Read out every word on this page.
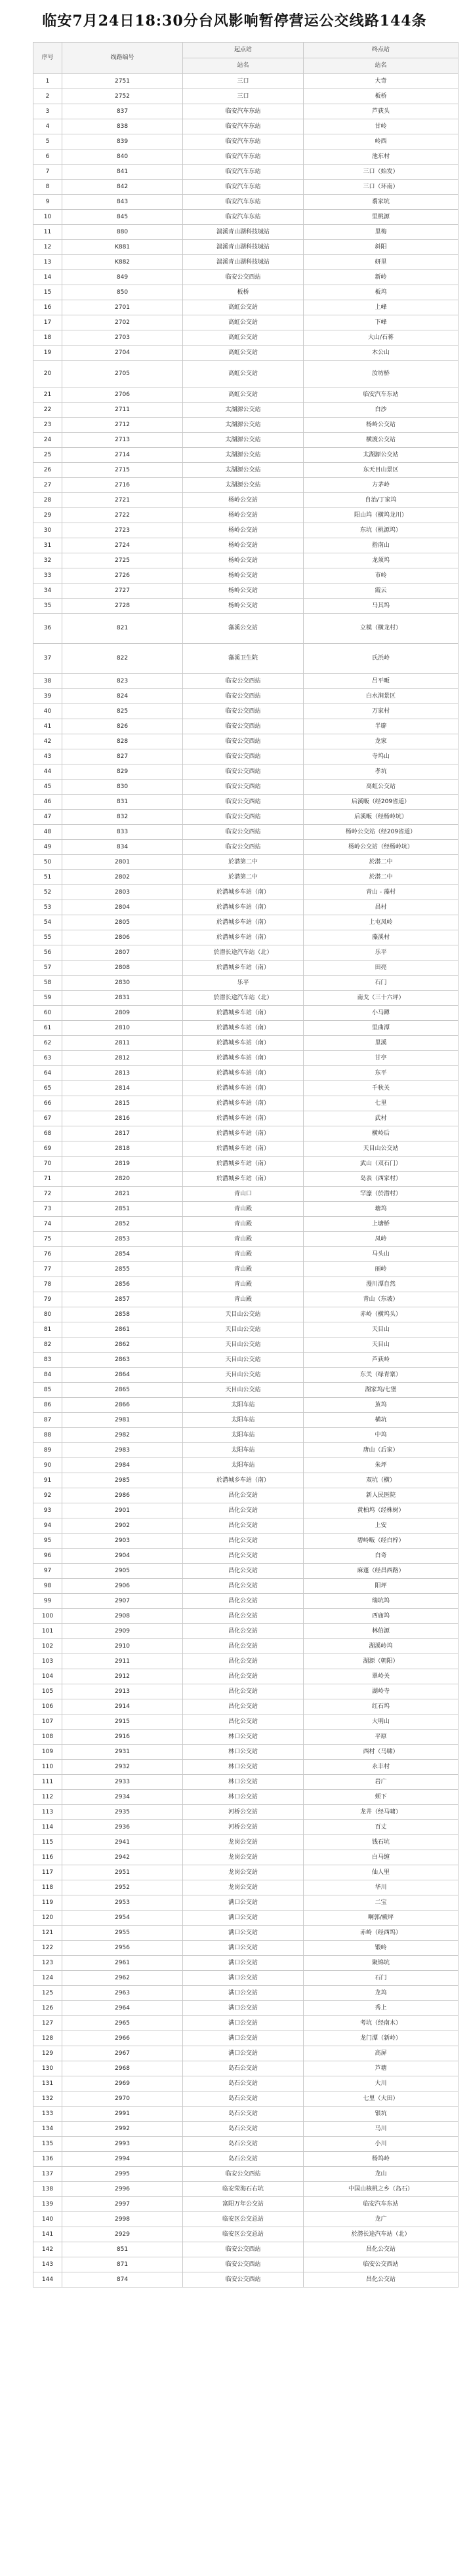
临安7月24日18:30分台风影响暂停营运公交线路144条
序号	线路编号	起点站	终点站
		站名	站名
1	2751	三口	大奇
2	2752	三口	板桥
3	837	临安汽车东站	芦荻头
4	838	临安汽车东站	甘岭
5	839	临安汽车东站	岭西
6	840	临安汽车东站	池东村
7	841	临安汽车东站	三口（始发）
8	842	临安汽车东站	三口（环南）
9	843	临安汽车东站	翥家坑
10	845	临安汽车东站	里桃源
11	880	湍溪青山湖科技城站	里梅
12	K881	湍溪青山湖科技城站	斜阳
13	K882	湍溪青山湖科技城站	研里
14	849	临安公交西站	新岭
15	850	板桥	板坞
16	2701	高虹公交站	上峰
17	2702	高虹公交站	下峰
18	2703	高虹公交站	大山/石蒋
19	2704	高虹公交站	木公山
20	2705	高虹公交站	汝坊桥
21	2706	高虹公交站	临安汽车东站
22	2711	太湖源公交站	白沙
23	2712	太湖源公交站	杨岭公交站
24	2713	太湖源公交站	横渡公交站
25	2714	太湖源公交站	太湖源公交站
26	2715	太湖源公交站	东天目山景区
27	2716	太湖源公交站	方茅岭
28	2721	杨岭公交站	自治/丁家坞
29	2722	杨岭公交站	阳山坞（横坞龙川）
30	2723	杨岭公交站	东坑（桃源坞）
31	2724	杨岭公交站	指南山
32	2725	杨岭公交站	龙须坞
33	2726	杨岭公交站	市岭
34	2727	杨岭公交站	霞云
35	2728	杨岭公交站	马其坞
36	821	藻溪公交站	立模（横龙村）
37	822	藻溪卫生院	氏浜岭
38	823	临安公交西站	吕平畈
39	824	临安公交西站	白水涧景区
40	825	临安公交西站	万家村
41	826	临安公交西站	半辟
42	828	临安公交西站	龙家
43	827	临安公交西站	寺坞山
44	829	临安公交西站	孝坑
45	830	临安公交西站	高虹公交站
46	831	临安公交西站	后溪畈（经209省道）
47	832	临安公交西站	后溪畈（经杨岭坑）
48	833	临安公交西站	杨岭公交站（经209省道）
49	834	临安公交西站	杨岭公交站（经杨岭坑）
50	2801	於潜第二中	於潜二中
51	2802	於潜第二中	於潜二中
52	2803	於潜城乡车站（南）	青山 - 藻村
53	2804	於潜城乡车站（南）	昌村
54	2805	於潜城乡车站（南）	上屯凤岭
55	2806	於潜城乡车站（南）	藻溪村
56	2807	於潜长途汽车站（北）	乐平
57	2808	於潜城乡车站（南）	田亮
58	2830	乐平	石门
59	2831	於潜长途汽车站（北）	南戈（三十六坪）
60	2809	於潜城乡车站（南）	小马蹲
61	2810	於潜城乡车站（南）	里曲潭
62	2811	於潜城乡车站（南）	里溪
63	2812	於潜城乡车站（南）	甘亭
64	2813	於潜城乡车站（南）	东平
65	2814	於潜城乡车站（南）	千秋关
66	2815	於潜城乡车站（南）	七里
67	2816	於潜城乡车站（南）	武村
68	2817	於潜城乡车站（南）	横岭后
69	2818	於潜城乡车站（南）	天目山公交站
70	2819	於潜城乡车站（南）	武山（双石门）
71	2820	於潜城乡车站（南）	岛表（西家村）
72	2821	青山口	罕濠（於潜村）
73	2851	青山殿	塘坞
74	2852	青山殿	上塘桥
75	2853	青山殿	凤岭
76	2854	青山殿	马头山
77	2855	青山殿	丽岭
78	2856	青山殿	漫川潭自然
79	2857	青山殿	青山（东坡）
80	2858	天目山公交站	赤岭（横坞头）
81	2861	天目山公交站	天目山
82	2862	天目山公交站	天目山
83	2863	天目山公交站	芦荻岭
84	2864	天目山公交站	东关（绿青寨）
85	2865	天目山公交站	湖家坞/七堡
86	2866	太阳车站	茧坞
87	2981	太阳车站	横坑
88	2982	太阳车站	中坞
89	2983	太阳车站	唐山（后家）
90	2984	太阳车站	朱坪
91	2985	於潜城乡车站（南）	双坑（横）
92	2986	昌化公交站	新人民医院
93	2901	昌化公交站	黄柏坞（经株树）
94	2902	昌化公交站	上安
95	2903	昌化公交站	碧岭畈（经白梓）
96	2904	昌化公交站	白奇
97	2905	昌化公交站	麻蓬（经昌西路）
98	2906	昌化公交站	阳坪
99	2907	昌化公交站	瑞坑坞
100	2908	昌化公交站	西庙坞
101	2909	昌化公交站	林伯源
102	2910	昌化公交站	湖溪岭坞
103	2911	昌化公交站	湖源（朝阳）
104	2912	昌化公交站	翠岭关
105	2913	昌化公交站	湖岭寺
106	2914	昌化公交站	红石坞
107	2915	昌化公交站	大明山
108	2916	林口公交站	平原
109	2931	林口公交站	西村（马啸）
110	2932	林口公交站	永丰村
111	2933	林口公交站	岩广
112	2934	林口公交站	颊下
113	2935	河桥公交站	龙井（经马啸）
114	2936	河桥公交站	百丈
115	2941	龙岗公交站	钱石坑
116	2942	龙岗公交站	白马缠
117	2951	龙岗公交站	仙人里
118	2952	龙岗公交站	华川
119	2953	满口公交站	二宝
120	2954	满口公交站	啊郭/蕨坪
121	2955	满口公交站	赤岭（经西坞）
122	2956	满口公交站	锻岭
123	2961	满口公交站	聚锦坑
124	2962	满口公交站	石门
125	2963	满口公交站	龙坞
126	2964	满口公交站	秀上
127	2965	满口公交站	考坑（经南木）
128	2966	满口公交站	龙门潭（新岭）
129	2967	满口公交站	高屏
130	2968	岛石公交站	芦塘
131	2969	岛石公交站	大川
132	2970	岛石公交站	七里（大田）
133	2991	岛石公交站	银坑
134	2992	岛石公交站	马川
135	2993	岛石公交站	小川
136	2994	岛石公交站	杨坞岭
137	2995	临安公交西站	龙山
138	2996	临安荣海石右坑	中国山核桃之乡（岛石）
139	2997	富阳万年公交站	临安汽车东站
140	2998	临安区公交总站	龙广
141	2929	临安区公交总站	於潜长途汽车站（北）
142	851	临安公交西站	昌化公交站
143	871	临安公交西站	临安公交西站
144	874	临安公交西站	昌化公交站
